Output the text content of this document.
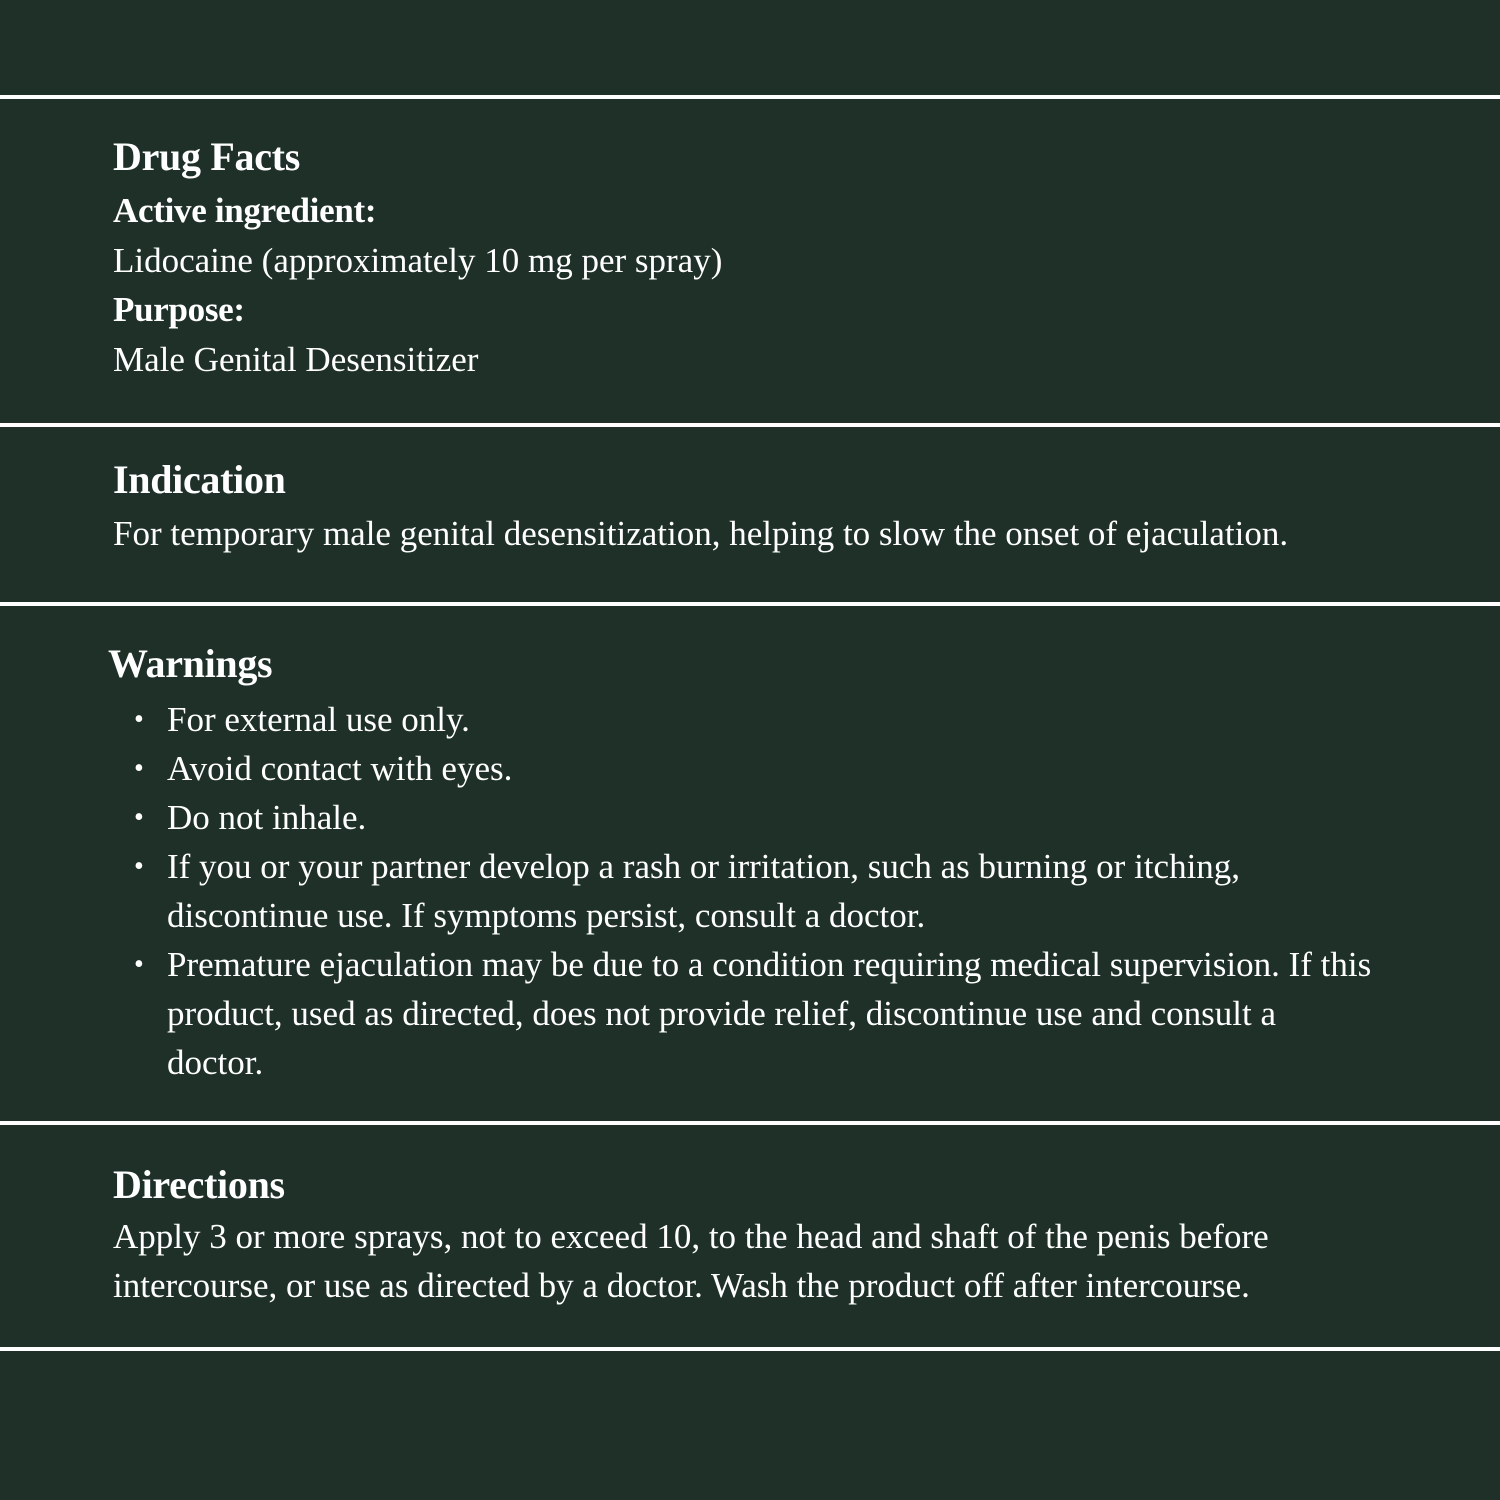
Drug Facts

Active ingredient:

Lidocaine (approximately 10 mg per spray)

Purpose:

Male Genital Desensitizer

Indication

For temporary male genital desensitization, helping to slow the onset of ejaculation.

Warnings
• For external use only.
• Avoid contact with eyes.
• Do not inhale.
• If you or your partner develop a rash or irritation, such as burning or itching, discontinue use. If symptoms persist, consult a doctor.
• Premature ejaculation may be due to a condition requiring medical supervision. If this product, used as directed, does not provide relief, discontinue use and consult a doctor.
Directions

Apply 3 or more sprays, not to exceed 10, to the head and shaft of the penis before intercourse, or use as directed by a doctor. Wash the product off after intercourse.
